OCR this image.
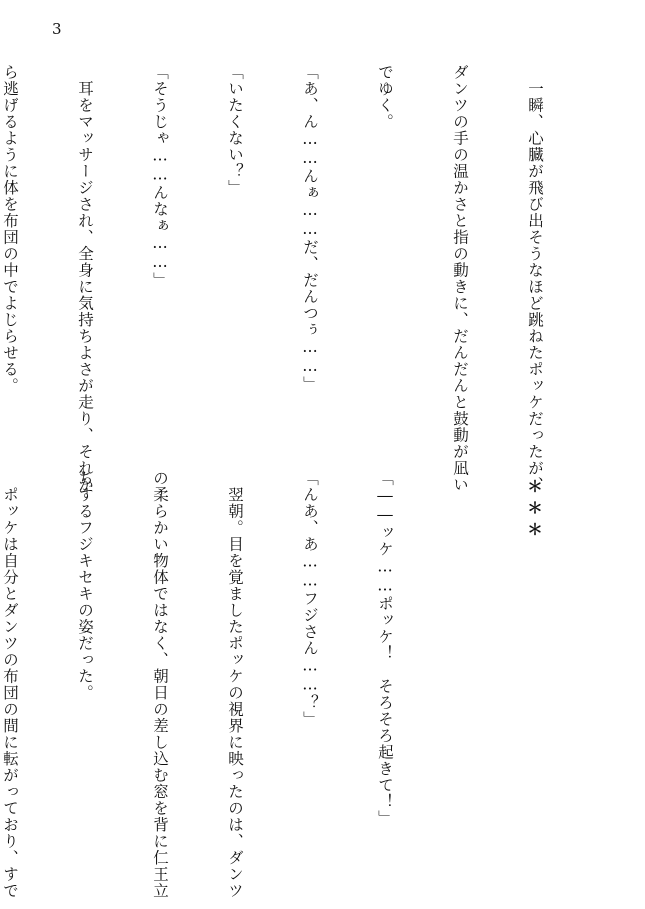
3

　一瞬、心臓が飛び出そうなほど跳ねたポッケだったが、

ダンツの手の温かさと指の動きに、だんだんと鼓動が凪い

でゆく。

「あ、ん……んぁ……だ、だんつぅ……」

「いたくない？」

「そうじゃ……んなぁ……」

　耳をマッサージされ、全身に気持ちよさが走り、それか

ら逃げるように体を布団の中でよじらせる。

＊＊＊

「――ッケ……ポッケ！　そろそろ起きて！」

「んあ、あ……フジさん……？」

　翌朝。目を覚ましたポッケの視界に映ったのは、ダンツ

の柔らかい物体ではなく、朝日の差し込む窓を背に仁王立

ちするフジキセキの姿だった。

　ポッケは自分とダンツの布団の間に転がっており、すで
